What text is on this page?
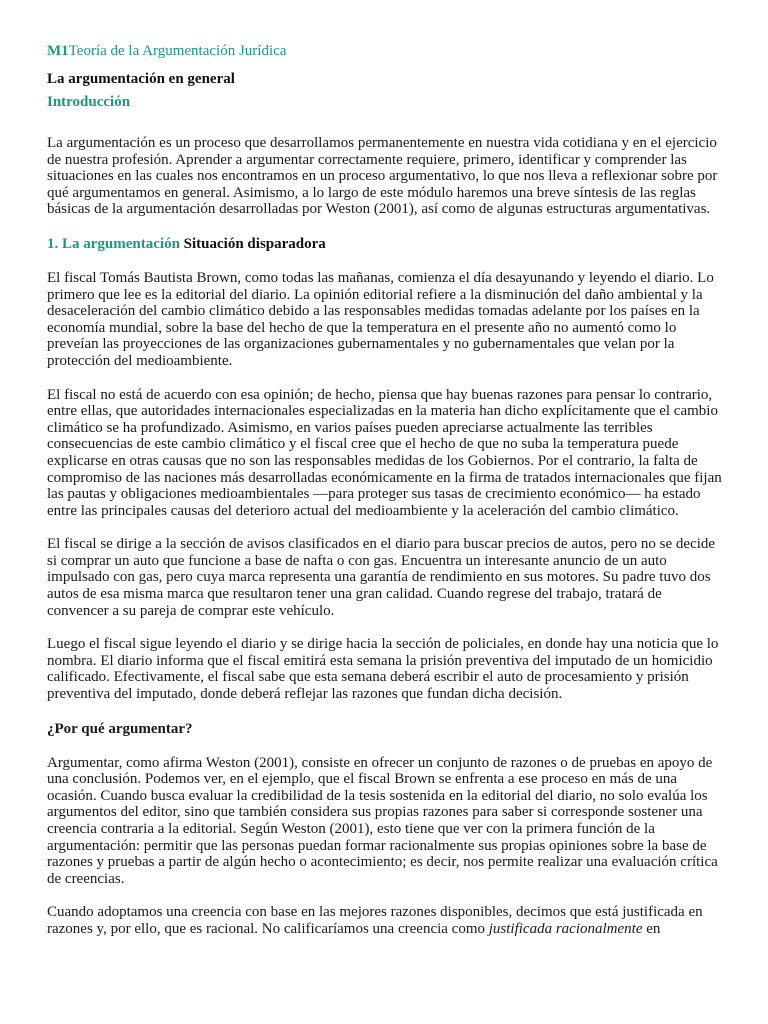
M1Teoría de la Argumentación Jurídica
La argumentación en general
Introducción

La argumentación es un proceso que desarrollamos permanentemente en nuestra vida cotidiana y en el ejercicio de nuestra profesión. Aprender a argumentar correctamente requiere, primero, identificar y comprender las situaciones en las cuales nos encontramos en un proceso argumentativo, lo que nos lleva a reflexionar sobre por qué argumentamos en general. Asimismo, a lo largo de este módulo haremos una breve síntesis de las reglas básicas de la argumentación desarrolladas por Weston (2001), así como de algunas estructuras argumentativas.

1. La argumentación Situación disparadora

El fiscal Tomás Bautista Brown, como todas las mañanas, comienza el día desayunando y leyendo el diario. Lo primero que lee es la editorial del diario. La opinión editorial refiere a la disminución del daño ambiental y la desaceleración del cambio climático debido a las responsables medidas tomadas adelante por los países en la economía mundial, sobre la base del hecho de que la temperatura en el presente año no aumentó como lo preveían las proyecciones de las organizaciones gubernamentales y no gubernamentales que velan por la protección del medioambiente.

El fiscal no está de acuerdo con esa opinión; de hecho, piensa que hay buenas razones para pensar lo contrario, entre ellas, que autoridades internacionales especializadas en la materia han dicho explícitamente que el cambio climático se ha profundizado. Asimismo, en varios países pueden apreciarse actualmente las terribles consecuencias de este cambio climático y el fiscal cree que el hecho de que no suba la temperatura puede explicarse en otras causas que no son las responsables medidas de los Gobiernos. Por el contrario, la falta de compromiso de las naciones más desarrolladas económicamente en la firma de tratados internacionales que fijan las pautas y obligaciones medioambientales —para proteger sus tasas de crecimiento económico— ha estado entre las principales causas del deterioro actual del medioambiente y la aceleración del cambio climático.

El fiscal se dirige a la sección de avisos clasificados en el diario para buscar precios de autos, pero no se decide si comprar un auto que funcione a base de nafta o con gas. Encuentra un interesante anuncio de un auto impulsado con gas, pero cuya marca representa una garantía de rendimiento en sus motores. Su padre tuvo dos autos de esa misma marca que resultaron tener una gran calidad. Cuando regrese del trabajo, tratará de convencer a su pareja de comprar este vehículo.

Luego el fiscal sigue leyendo el diario y se dirige hacia la sección de policiales, en donde hay una noticia que lo nombra. El diario informa que el fiscal emitirá esta semana la prisión preventiva del imputado de un homicidio calificado. Efectivamente, el fiscal sabe que esta semana deberá escribir el auto de procesamiento y prisión preventiva del imputado, donde deberá reflejar las razones que fundan dicha decisión.

¿Por qué argumentar?

Argumentar, como afirma Weston (2001), consiste en ofrecer un conjunto de razones o de pruebas en apoyo de una conclusión. Podemos ver, en el ejemplo, que el fiscal Brown se enfrenta a ese proceso en más de una ocasión. Cuando busca evaluar la credibilidad de la tesis sostenida en la editorial del diario, no solo evalúa los argumentos del editor, sino que también considera sus propias razones para saber si corresponde sostener una creencia contraria a la editorial. Según Weston (2001), esto tiene que ver con la primera función de la argumentación: permitir que las personas puedan formar racionalmente sus propias opiniones sobre la base de razones y pruebas a partir de algún hecho o acontecimiento; es decir, nos permite realizar una evaluación crítica de creencias.

Cuando adoptamos una creencia con base en las mejores razones disponibles, decimos que está justificada en razones y, por ello, que es racional. No calificaríamos una creencia como justificada racionalmente en
